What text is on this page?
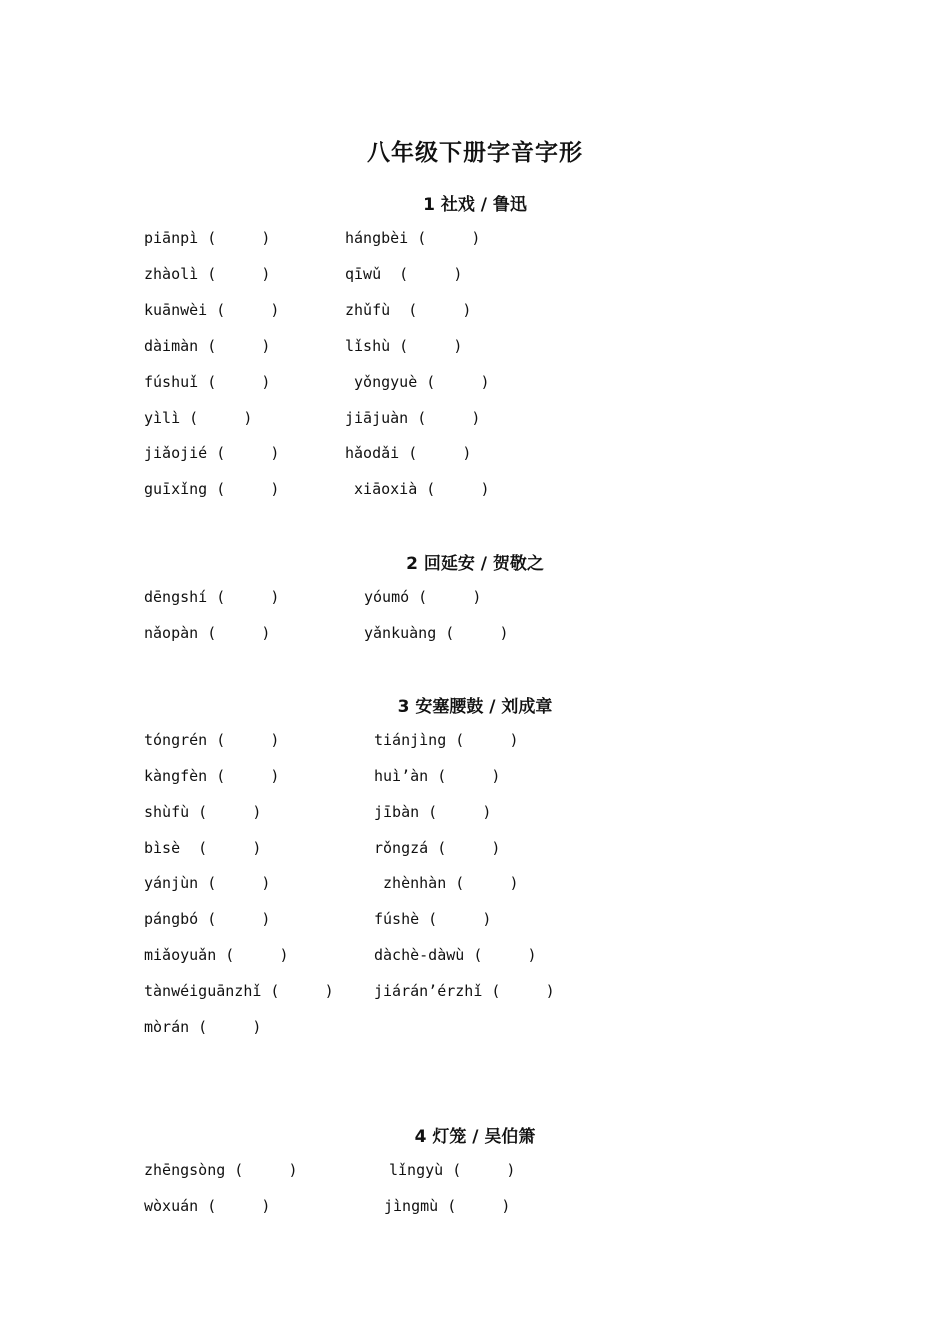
八年级下册字音字形
1 社戏 / 鲁迅
piānpì (     )	hángbèi (     )
zhàolì (     )	qīwǔ  (     )
kuānwèi (     )	zhǔfù  (     )
dàimàn (     )	lǐshù (     )
fúshuǐ (     )	yǒngyuè (     )
yìlì (     )	jiājuàn (     )
jiǎojié (     )	hǎodǎi (     )
guīxǐng (     )	xiāoxià (     )
2 回延安 / 贺敬之
dēngshí (     )	yóumó (     )
nǎopàn (     )	yǎnkuàng (     )
3 安塞腰鼓 / 刘成章
tóngrén (     )	tiánjìng (     )
kàngfèn (     )	huì’àn (     )
shùfù (     )	jībàn (     )
bìsè  (     )	rǒngzá (     )
yánjùn (     )	zhènhàn (     )
pángbó (     )	fúshè (     )
miǎoyuǎn (     )	dàchè-dàwù (     )
tànwéiguānzhǐ (     )	jiárán’érzhǐ (     )
mòrán (     )
4 灯笼 / 吴伯箫
zhēngsòng (     )	lǐngyù (     )
wòxuán (     )	jìngmù (     )
